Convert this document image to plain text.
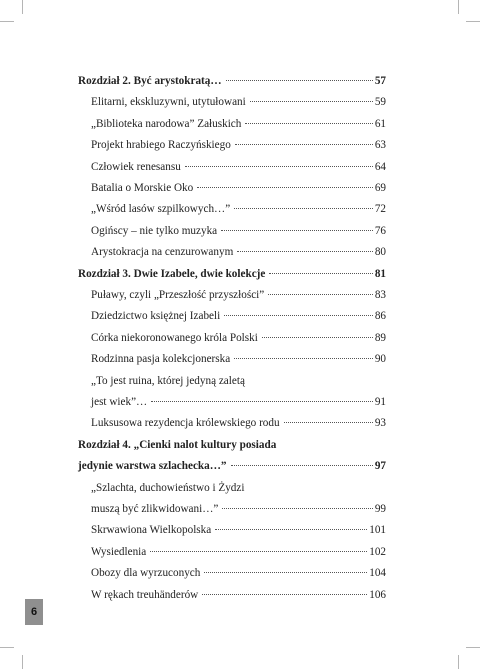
Rozdział 2. Być arystokratą…	57
Elitarni, ekskluzywni, utytułowani	59
„Biblioteka narodowa” Załuskich	61
Projekt hrabiego Raczyńskiego	63
Człowiek renesansu	64
Batalia o Morskie Oko	69
„Wśród lasów szpilkowych…”	72
Ogińscy – nie tylko muzyka	76
Arystokracja na cenzurowanym	80
Rozdział 3. Dwie Izabele, dwie kolekcje	81
Puławy, czyli „Przeszłość przyszłości”	83
Dziedzictwo księżnej Izabeli	86
Córka niekoronowanego króla Polski	89
Rodzinna pasja kolekcjonerska	90
„To jest ruina, której jedyną zaletą
jest wiek”…	91
Luksusowa rezydencja królewskiego rodu	93
Rozdział 4. „Cienki nalot kultury posiada
jedynie warstwa szlachecka…”	97
„Szlachta, duchowieństwo i Żydzi
muszą być zlikwidowani…”	99
Skrwawiona Wielkopolska	101
Wysiedlenia	102
Obozy dla wyrzuconych	104
W rękach treuhänderów	106
6
